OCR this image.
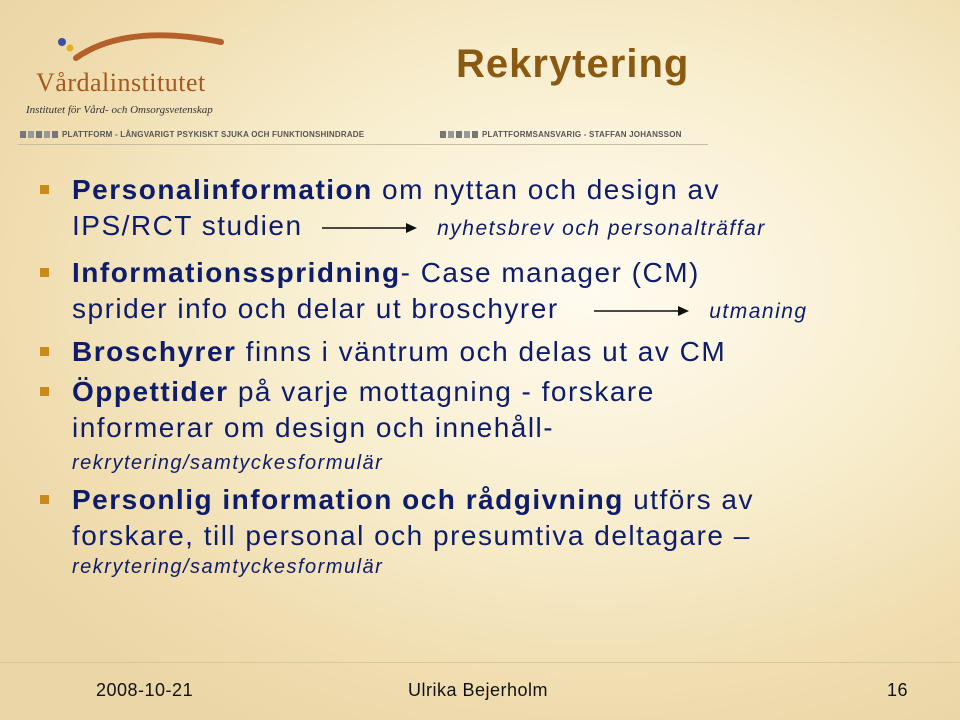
Vårdalinstitutet
Institutet för Vård- och Omsorgsvetenskap
PLATTFORM - LÅNGVARIGT PSYKISKT SJUKA OCH FUNKTIONSHINDRADE	PLATTFORMSANSVARIG - STAFFAN JOHANSSON
Rekrytering
Personalinformation om nyttan och design av
IPS/RCT studien	nyhetsbrev och personalträffar
Informationsspridning- Case manager (CM)
sprider info och delar ut broschyrer	utmaning
Broschyrer finns i väntrum och delas ut av CM
Öppettider på varje mottagning - forskare
informerar om design och innehåll-
rekrytering/samtyckesformulär
Personlig information och rådgivning utförs av
forskare, till personal och presumtiva deltagare –
rekrytering/samtyckesformulär
2008-10-21	Ulrika Bejerholm	16
